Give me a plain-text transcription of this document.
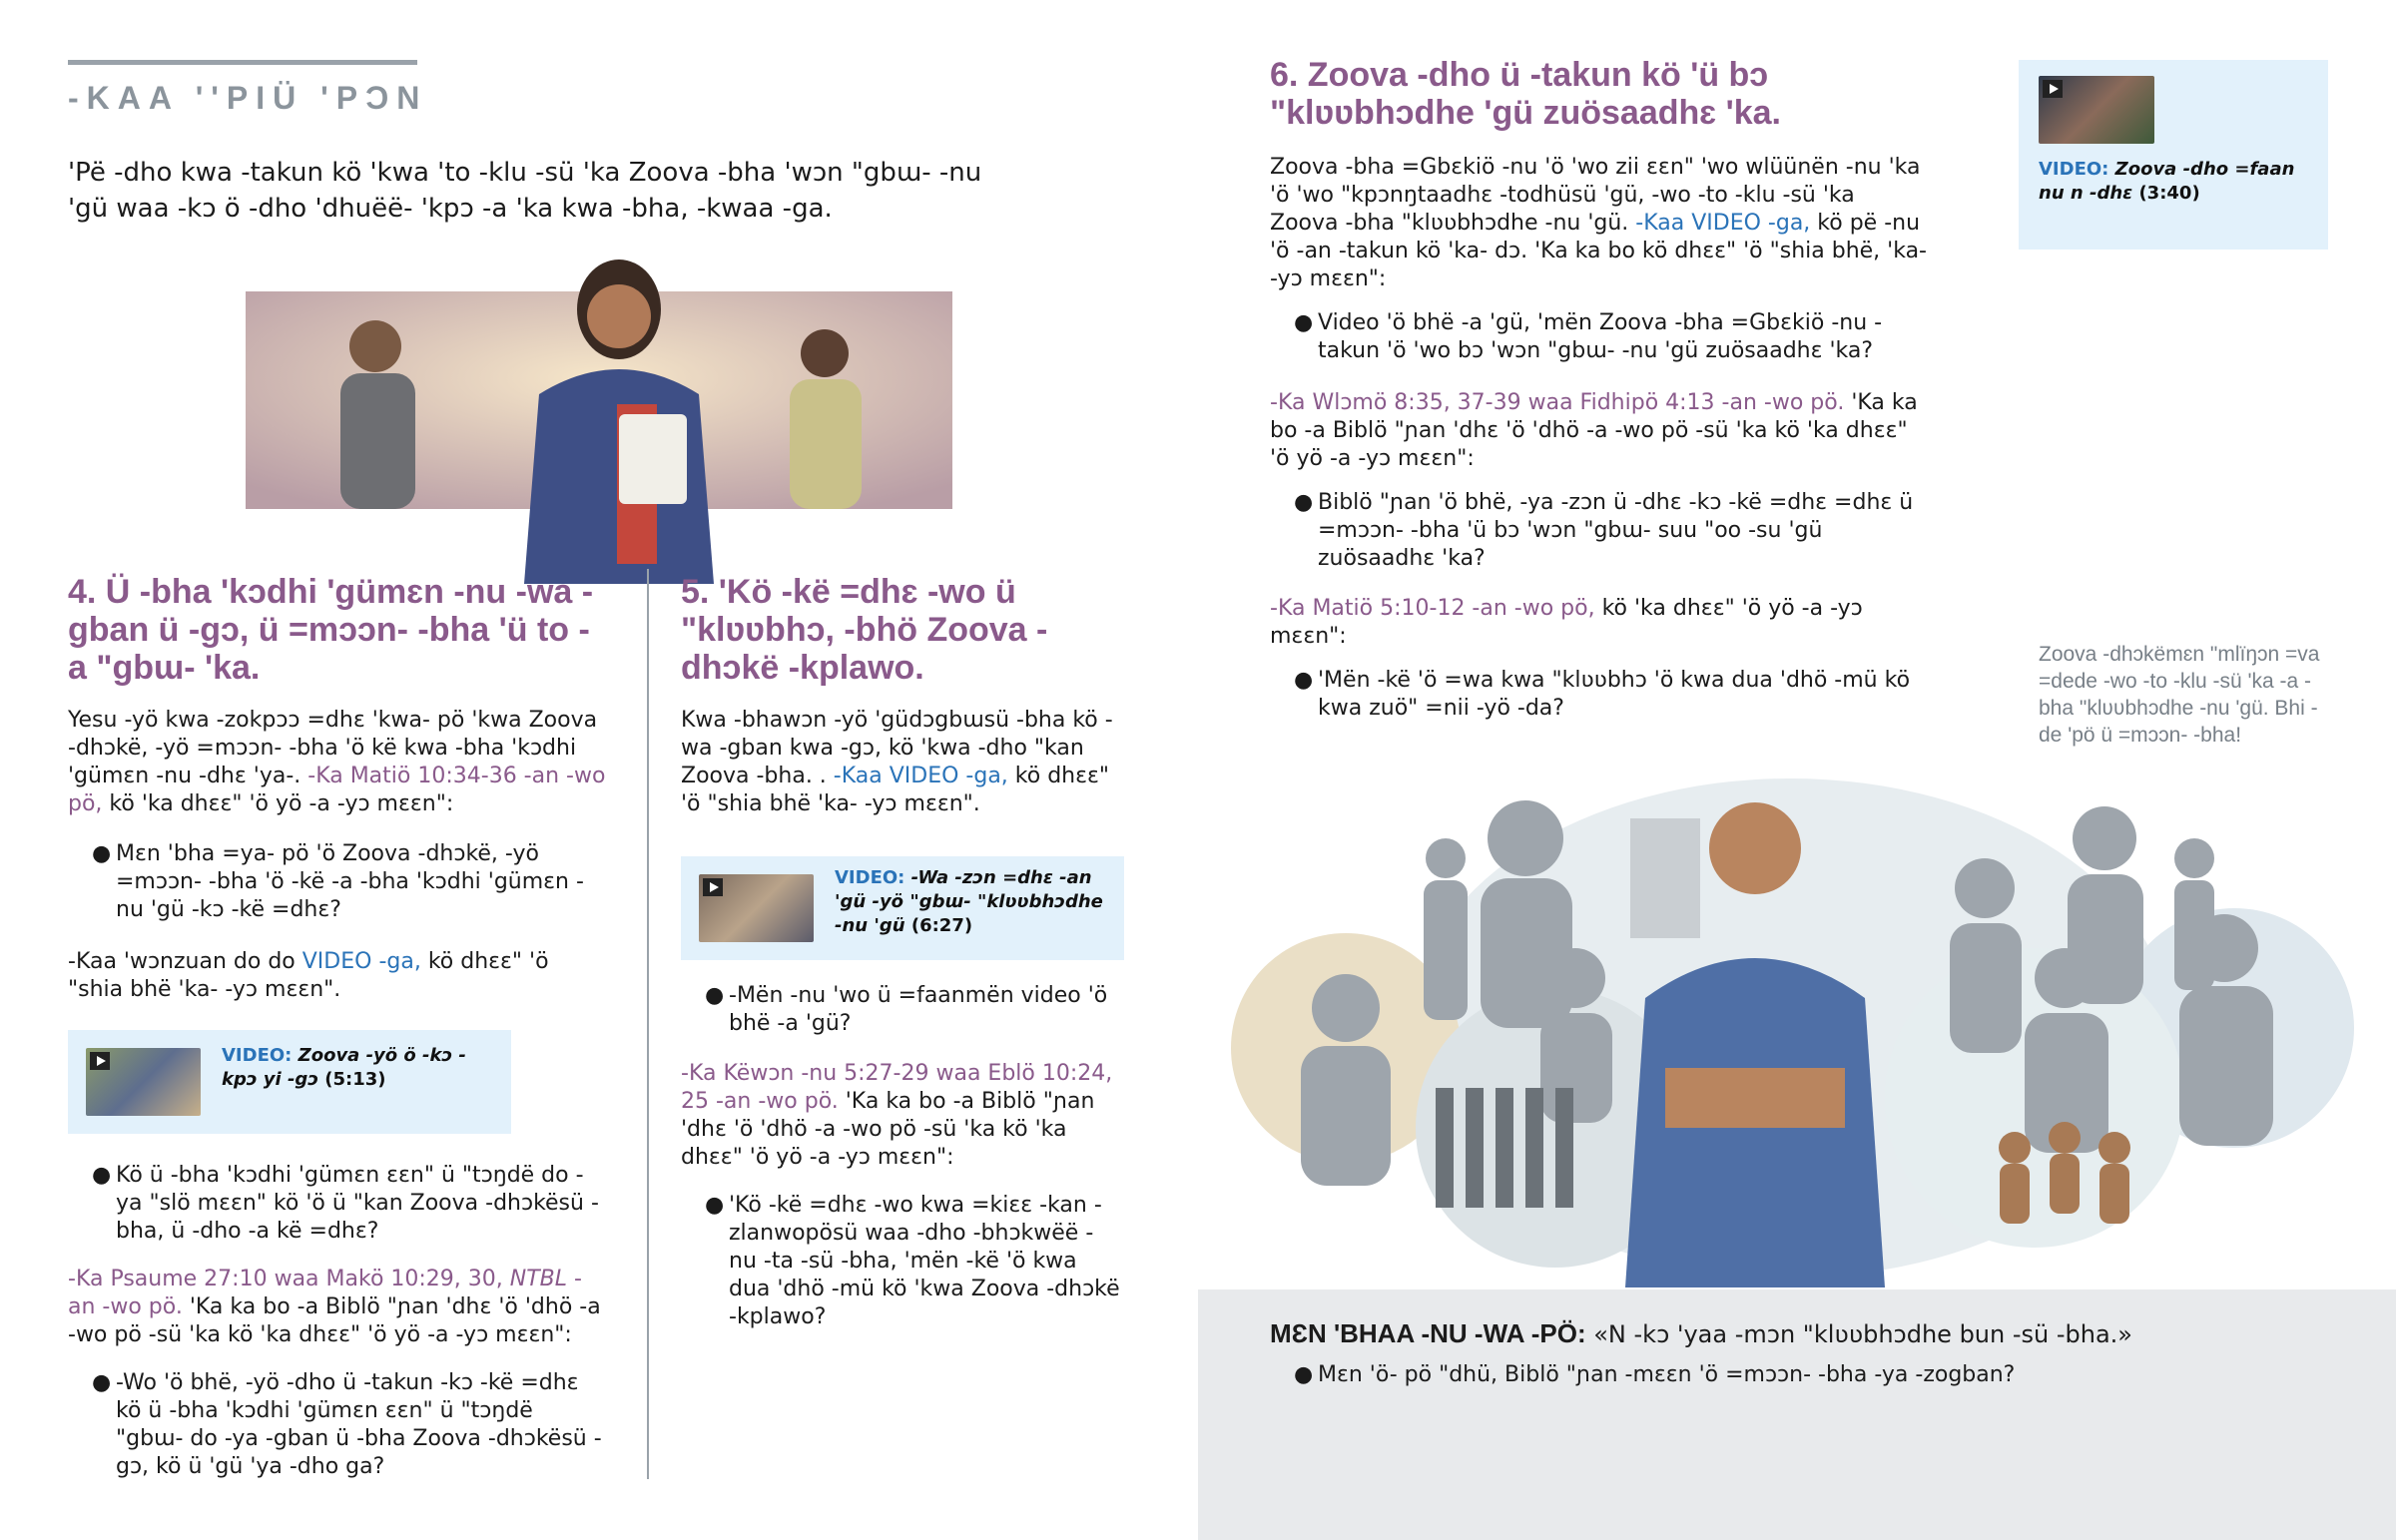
-KAA ''PIÜ 'PƆN
'Pë -dho kwa -takun kö 'kwa 'to -klu -sü 'ka Zoova -bha 'wɔn "gbɯ- -nu 'gü waa -kɔ ö -dho 'dhuëë- 'kpɔ -a 'ka kwa -bha, -kwaa -ga.
4. Ü -bha 'kɔdhi 'gümɛn -nu -wa -gban ü -gɔ, ü =mɔɔn- -bha 'ü to -a "gbɯ- 'ka.
Yesu -yö kwa -zokpɔɔ =dhɛ 'kwa- pö 'kwa Zoova -dhɔkë, -yö =mɔɔn- -bha 'ö kë kwa -bha 'kɔdhi 'gümɛn -nu -dhɛ 'ya-. -Ka Matiö 10:34-36 -an -wo pö, kö 'ka dhɛɛ" 'ö yö -a -yɔ mɛɛn":
● Mɛn 'bha =ya- pö 'ö Zoova -dhɔkë, -yö =mɔɔn- -bha 'ö -kë -a -bha 'kɔdhi 'gümɛn -nu 'gü -kɔ -kë =dhɛ?
-Kaa 'wɔnzuan do do VIDEO -ga, kö dhɛɛ" 'ö "shia bhë 'ka- -yɔ mɛɛn".
VIDEO: Zoova -yö ö -kɔ -kpɔ yi -gɔ (5:13)
● Kö ü -bha 'kɔdhi 'gümɛn ɛɛn" ü "tɔŋdë do -ya "slö mɛɛn" kö 'ö ü "kan Zoova -dhɔkësü -bha, ü -dho -a kë =dhɛ?
-Ka Psaume 27:10 waa Makö 10:29, 30, NTBL -an -wo pö. 'Ka ka bo -a Biblö "ɲan 'dhɛ 'ö 'dhö -a -wo pö -sü 'ka kö 'ka dhɛɛ" 'ö yö -a -yɔ mɛɛn":
● -Wo 'ö bhë, -yö -dho ü -takun -kɔ -kë =dhɛ kö ü -bha 'kɔdhi 'gümɛn ɛɛn" ü "tɔŋdë "gbɯ- do -ya -gban ü -bha Zoova -dhɔkësü -gɔ, kö ü 'gü 'ya -dho ga?
5. 'Kö -kë =dhɛ -wo ü "klʋʋbhɔ, -bhö Zoova -dhɔkë -kplawo.
Kwa -bhawɔn -yö 'güdɔgbɯsü -bha kö -wa -gban kwa -gɔ, kö 'kwa -dho "kan Zoova -bha. . -Kaa VIDEO -ga, kö dhɛɛ" 'ö "shia bhë 'ka- -yɔ mɛɛn".
VIDEO: -Wa -zɔn =dhɛ -an 'gü -yö "gbɯ- "klʋʋbhɔdhe -nu 'gü (6:27)
● -Mën -nu 'wo ü =faanmën video 'ö bhë -a 'gü?
-Ka Këwɔn -nu 5:27-29 waa Eblö 10:24, 25 -an -wo pö. 'Ka ka bo -a Biblö "ɲan 'dhɛ 'ö 'dhö -a -wo pö -sü 'ka kö 'ka dhɛɛ" 'ö yö -a -yɔ mɛɛn":
● 'Kö -kë =dhɛ -wo kwa =kiɛɛ -kan -zlanwopösü waa -dho -bhɔkwëë -nu -ta -sü -bha, 'mën -kë 'ö kwa dua 'dhö -mü kö 'kwa Zoova -dhɔkë -kplawo?
6. Zoova -dho ü -takun kö 'ü bɔ "klʋʋbhɔdhe 'gü zuösaadhɛ 'ka.
Zoova -bha =Gbɛkiö -nu 'ö 'wo zii ɛɛn" 'wo wlüünën -nu 'ka 'ö 'wo "kpɔnŋtaadhɛ -todhüsü 'gü, -wo -to -klu -sü 'ka Zoova -bha "klʋʋbhɔdhe -nu 'gü. -Kaa VIDEO -ga, kö pë -nu 'ö -an -takun kö 'ka- dɔ. 'Ka ka bo kö dhɛɛ" 'ö "shia bhë, 'ka- -yɔ mɛɛn":
● Video 'ö bhë -a 'gü, 'mën Zoova -bha =Gbɛkiö -nu -takun 'ö 'wo bɔ 'wɔn "gbɯ- -nu 'gü zuösaadhɛ 'ka?
-Ka Wlɔmö 8:35, 37-39 waa Fidhipö 4:13 -an -wo pö. 'Ka ka bo -a Biblö "ɲan 'dhɛ 'ö 'dhö -a -wo pö -sü 'ka kö 'ka dhɛɛ" 'ö yö -a -yɔ mɛɛn":
● Biblö "ɲan 'ö bhë, -ya -zɔn ü -dhɛ -kɔ -kë =dhɛ =dhɛ ü =mɔɔn- -bha 'ü bɔ 'wɔn "gbɯ- suu "oo -su 'gü zuösaadhɛ 'ka?
-Ka Matiö 5:10-12 -an -wo pö, kö 'ka dhɛɛ" 'ö yö -a -yɔ mɛɛn":
● 'Mën -kë 'ö =wa kwa "klʋʋbhɔ 'ö kwa dua 'dhö -mü kö kwa zuö" =nii -yö -da?
VIDEO: Zoova -dho =faan nu n -dhɛ (3:40)
Zoova -dhɔkëmɛn "mlïŋɔn =va =dede -wo -to -klu -sü 'ka -a -bha "klʋʋbhɔdhe -nu 'gü. Bhi -de 'pö ü =mɔɔn- -bha!
MƐN 'BHAA -NU -WA -PÖ: «N -kɔ 'yaa -mɔn "klʋʋbhɔdhe bun -sü -bha.»
● Mɛn 'ö- pö "dhü, Biblö "ɲan -mɛɛn 'ö =mɔɔn- -bha -ya -zogban?
